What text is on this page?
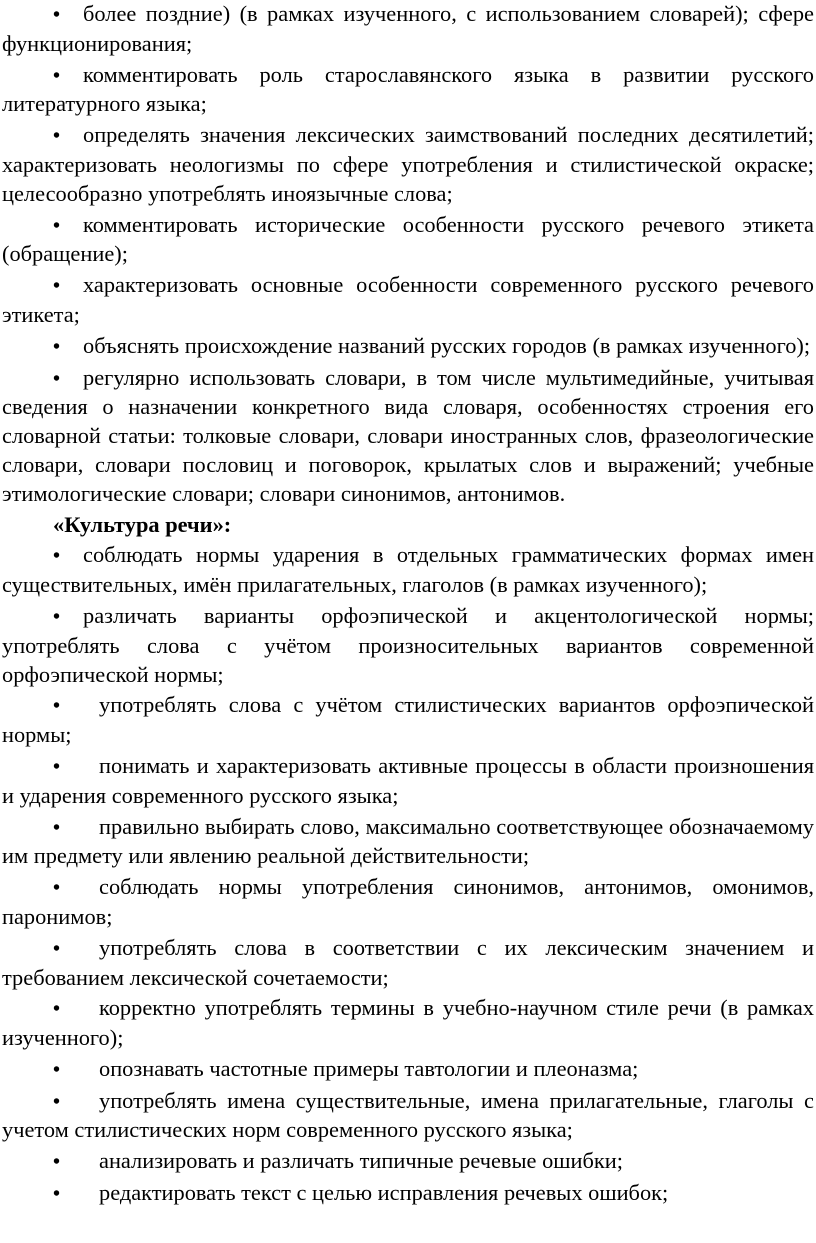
• более поздние) (в рамках изученного, с использованием словарей); сфере функционирования;
• комментировать роль старославянского языка в развитии русского литературного языка;
• определять значения лексических заимствований последних десятилетий; характеризовать неологизмы по сфере употребления и стилистической окраске; целесообразно употреблять иноязычные слова;
• комментировать исторические особенности русского речевого этикета (обращение);
• характеризовать основные особенности современного русского речевого этикета;
• объяснять происхождение названий русских городов (в рамках изученного);
• регулярно использовать словари, в том числе мультимедийные, учитывая сведения о назначении конкретного вида словаря, особенностях строения его словарной статьи: толковые словари, словари иностранных слов, фразеологические словари, словари пословиц и поговорок, крылатых слов и выражений; учебные этимологические словари; словари синонимов, антонимов.
«Культура речи»:
• соблюдать нормы ударения в отдельных грамматических формах имен существительных, имён прилагательных, глаголов (в рамках изученного);
• различать варианты орфоэпической и акцентологической нормы; употреблять слова с учётом произносительных вариантов современной орфоэпической нормы;
• употреблять слова с учётом стилистических вариантов орфоэпической нормы;
• понимать и характеризовать активные процессы в области произношения и ударения современного русского языка;
• правильно выбирать слово, максимально соответствующее обозначаемому им предмету или явлению реальной действительности;
• соблюдать нормы употребления синонимов, антонимов, омонимов, паронимов;
• употреблять слова в соответствии с их лексическим значением и требованием лексической сочетаемости;
• корректно употреблять термины в учебно-научном стиле речи (в рамках изученного);
• опознавать частотные примеры тавтологии и плеоназма;
• употреблять имена существительные, имена прилагательные, глаголы с учетом стилистических норм современного русского языка;
• анализировать и различать типичные речевые ошибки;
• редактировать текст с целью исправления речевых ошибок;
